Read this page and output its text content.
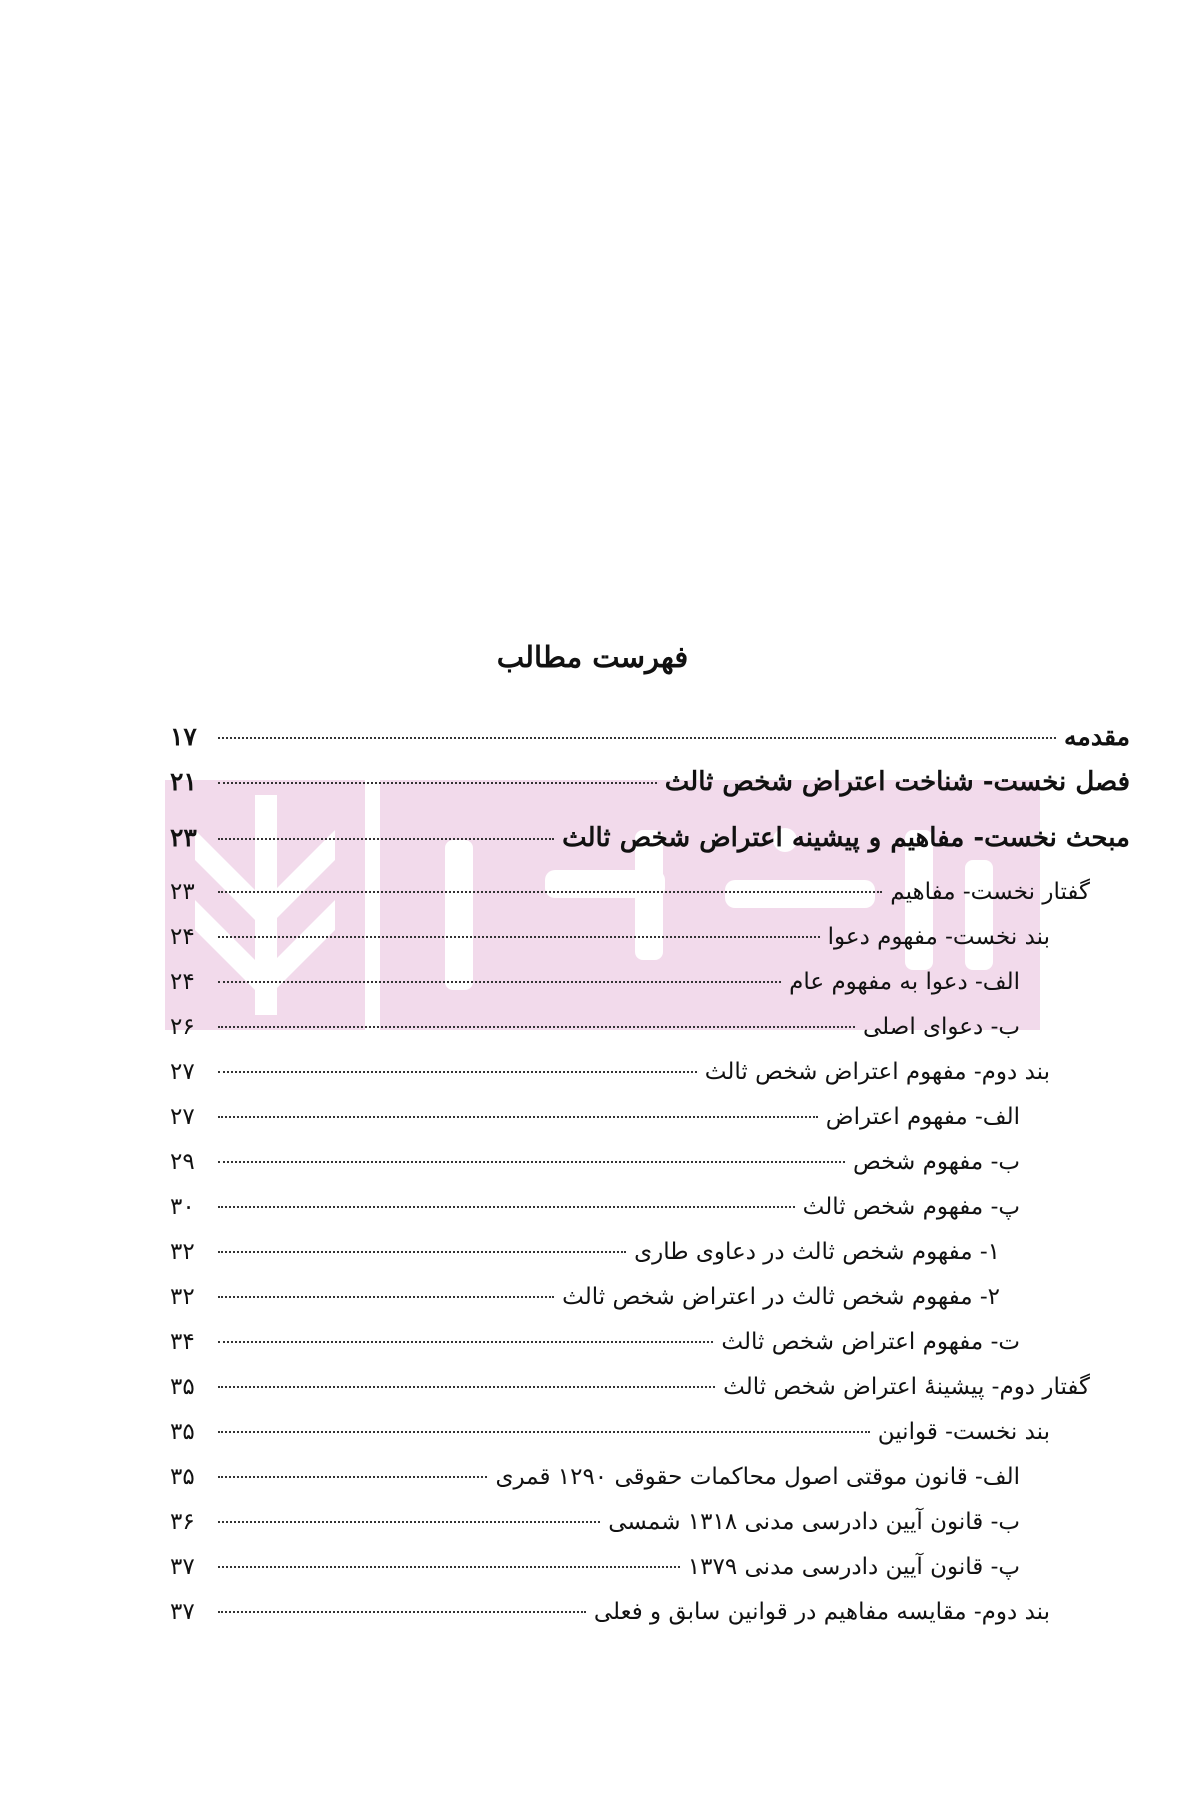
فهرست مطالب
مقدمه
۱۷
فصل نخست- شناخت اعتراض شخص ثالث
۲۱
مبحث نخست- مفاهیم و پیشینه اعتراض شخص ثالث
۲۳
گفتار نخست- مفاهیم
۲۳
بند نخست- مفهوم دعوا
۲۴
الف- دعوا به مفهوم عام
۲۴
ب- دعوای اصلی
۲۶
بند دوم- مفهوم اعتراض شخص ثالث
۲۷
الف- مفهوم اعتراض
۲۷
ب- مفهوم شخص
۲۹
پ- مفهوم شخص ثالث
۳۰
۱- مفهوم شخص ثالث در دعاوی طاری
۳۲
۲- مفهوم شخص ثالث در اعتراض شخص ثالث
۳۲
ت- مفهوم اعتراض شخص ثالث
۳۴
گفتار دوم- پیشینهٔ اعتراض شخص ثالث
۳۵
بند نخست- قوانین
۳۵
الف- قانون موقتی اصول محاکمات حقوقی ۱۲۹۰ قمری
۳۵
ب- قانون آیین دادرسی مدنی ۱۳۱۸ شمسی
۳۶
پ- قانون آیین دادرسی مدنی ۱۳۷۹
۳۷
بند دوم- مقایسه مفاهیم در قوانین سابق و فعلی
۳۷
